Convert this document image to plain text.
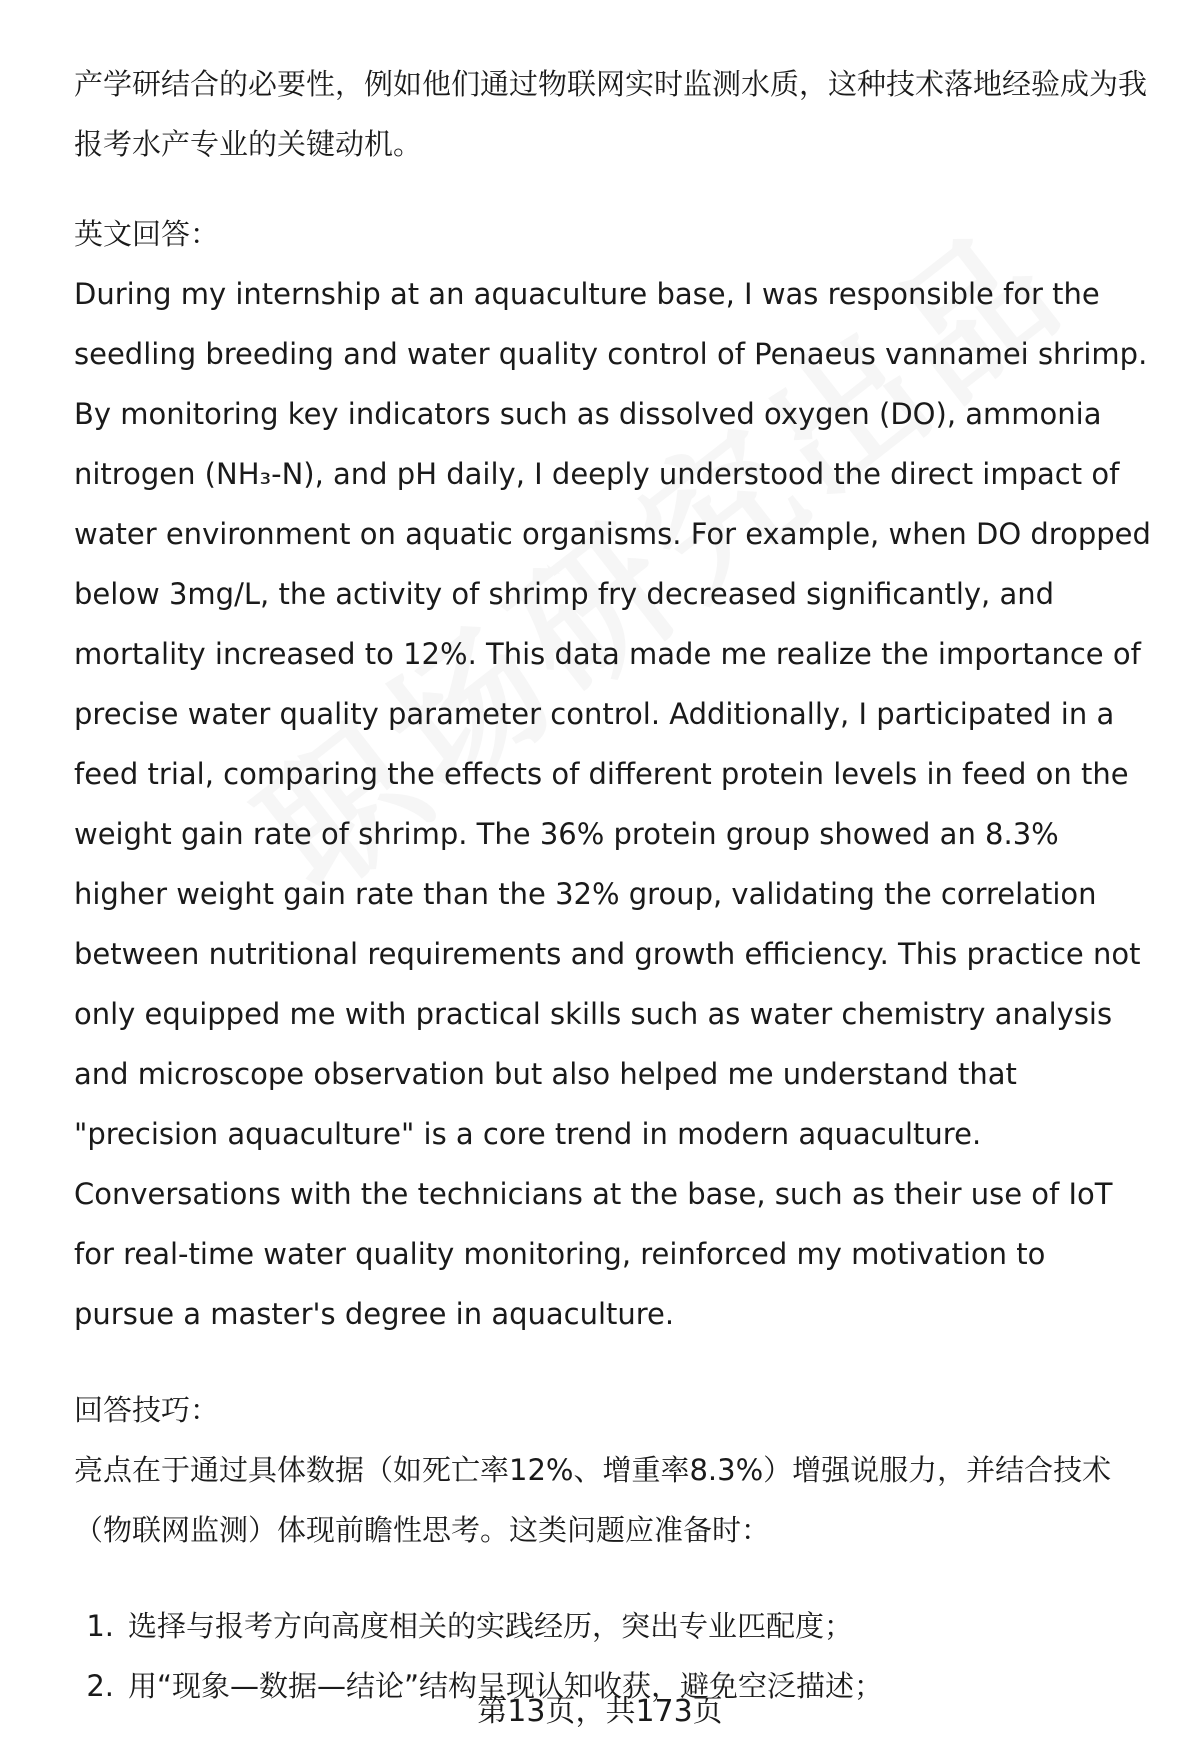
产学研结合的必要性，例如他们通过物联网实时监测水质，这种技术落地经验成为我报考水产专业的关键动机。

英文回答：

During my internship at an aquaculture base, I was responsible for the seedling breeding and water quality control of Penaeus vannamei shrimp. By monitoring key indicators such as dissolved oxygen (DO), ammonia nitrogen (NH₃-N), and pH daily, I deeply understood the direct impact of water environment on aquatic organisms. For example, when DO dropped below 3mg/L, the activity of shrimp fry decreased significantly, and mortality increased to 12%. This data made me realize the importance of precise water quality parameter control. Additionally, I participated in a feed trial, comparing the effects of different protein levels in feed on the weight gain rate of shrimp. The 36% protein group showed an 8.3% higher weight gain rate than the 32% group, validating the correlation between nutritional requirements and growth efficiency. This practice not only equipped me with practical skills such as water chemistry analysis and microscope observation but also helped me understand that "precision aquaculture" is a core trend in modern aquaculture. Conversations with the technicians at the base, such as their use of IoT for real-time water quality monitoring, reinforced my motivation to pursue a master's degree in aquaculture.

回答技巧：

亮点在于通过具体数据（如死亡率12%、增重率8.3%）增强说服力，并结合技术（物联网监测）体现前瞻性思考。这类问题应准备时：

1. 选择与报考方向高度相关的实践经历，突出专业匹配度；
2. 用“现象—数据—结论”结构呈现认知收获，避免空泛描述；
第13页，共173页
